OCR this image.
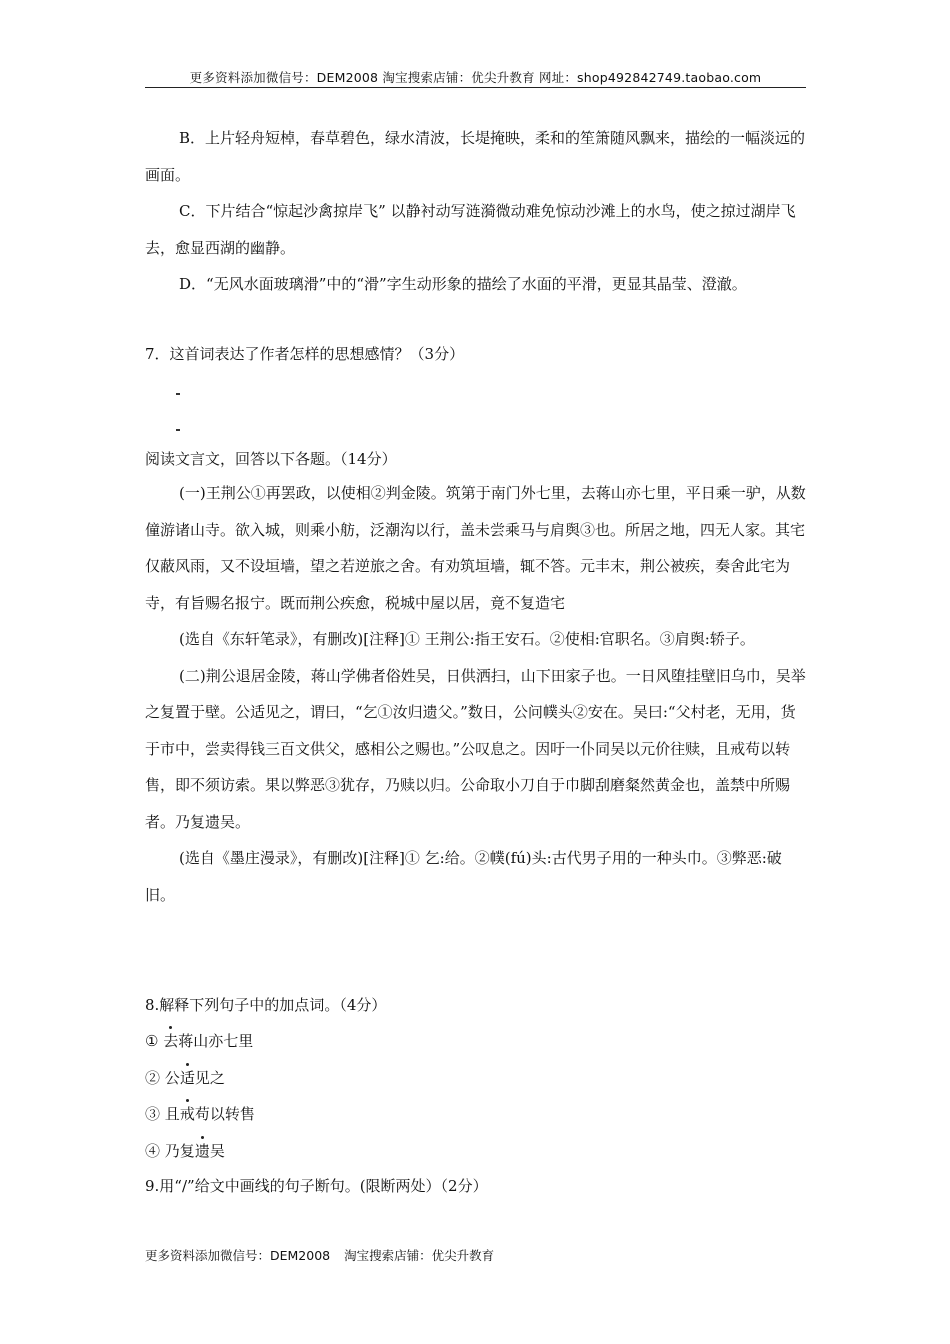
更多资料添加微信号：DEM2008 淘宝搜索店铺：优尖升教育 网址：shop492842749.taobao.com

B．上片轻舟短棹，春草碧色，绿水清波，长堤掩映，柔和的笙箫随风飘来，描绘的一幅淡远的画面。

C．下片结合“惊起沙禽掠岸飞” 以静衬动写涟漪微动难免惊动沙滩上的水鸟，使之掠过湖岸飞去，愈显西湖的幽静。

D．“无风水面玻璃滑”中的“滑”字生动形象的描绘了水面的平滑，更显其晶莹、澄澈。

7．这首词表达了作者怎样的思想感情？（3分）
阅读文言文，回答以下各题。（14分）

(一)王荆公①再罢政，以使相②判金陵。筑第于南门外七里，去蒋山亦七里，平日乘一驴，从数僮游诸山寺。欲入城，则乘小舫，泛潮沟以行，盖未尝乘马与肩舆③也。所居之地，四无人家。其宅仅蔽风雨，又不设垣墙，望之若逆旅之舍。有劝筑垣墙，辄不答。元丰末，荆公被疾，奏舍此宅为寺，有旨赐名报宁。既而荆公疾愈，税城中屋以居，竟不复造宅

(选自《东轩笔录》，有删改)[注释]① 王荆公:指王安石。②使相:官职名。③肩舆:轿子。

(二)荆公退居金陵，蒋山学佛者俗姓吴，日供洒扫，山下田家子也。一日风堕挂壁旧乌巾，吴举之复置于壁。公适见之，谓曰，“乞①汝归遗父。”数日，公问幞头②安在。吴曰:“父村老，无用，货于市中，尝卖得钱三百文供父，感相公之赐也。”公叹息之。因吁一仆同吴以元价往赎，且戒苟以转售，即不须访索。果以弊恶③犹存，乃赎以归。公命取小刀自于巾脚刮磨粲然黄金也，盖禁中所赐者。乃复遗吴。

(选自《墨庄漫录》，有删改)[注释]① 乞:给。②幞(fú)头:古代男子用的一种头巾。③弊恶:破旧。

8.解释下列句子中的加点词。（4分）
① 去蒋山亦七里
② 公适见之
③ 且戒苟以转售
④ 乃复遗吴
9.用“/”给文中画线的句子断句。(限断两处）（2分）
更多资料添加微信号：DEM2008 淘宝搜索店铺：优尖升教育
